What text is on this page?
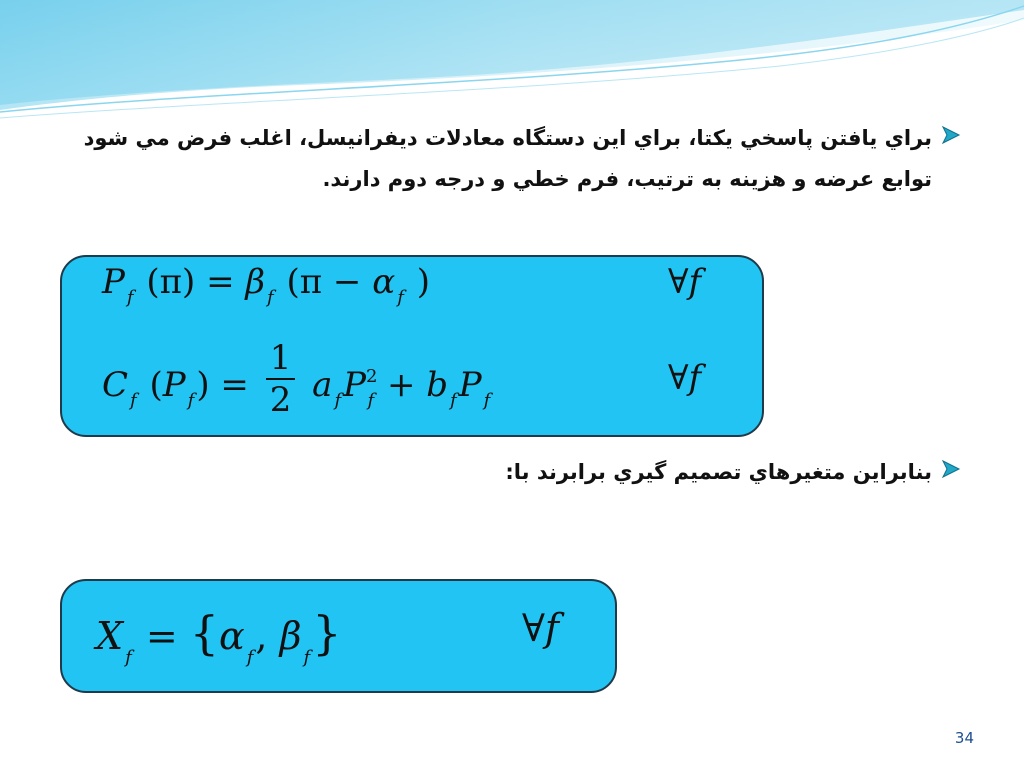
براي يافتن پاسخي يكتا، براي اين دستگاه معادلات ديفرانيسل، اغلب فرض مي شود توابع عرضه و هزينه به ترتيب، فرم خطي و درجه دوم دارند.
P $_f$ (π) = β $_f$ (π − α $_f$ )	∀f
C $_f$ (P $_f) = \frac{1}{2}$ a $_fP2_f + b$ $_f$P $_f$
∀f
بنابراين متغيرهاي تصميم گيري برابرند با:
X $_f$ = {α $_f$, β $_f$}	∀f
34
